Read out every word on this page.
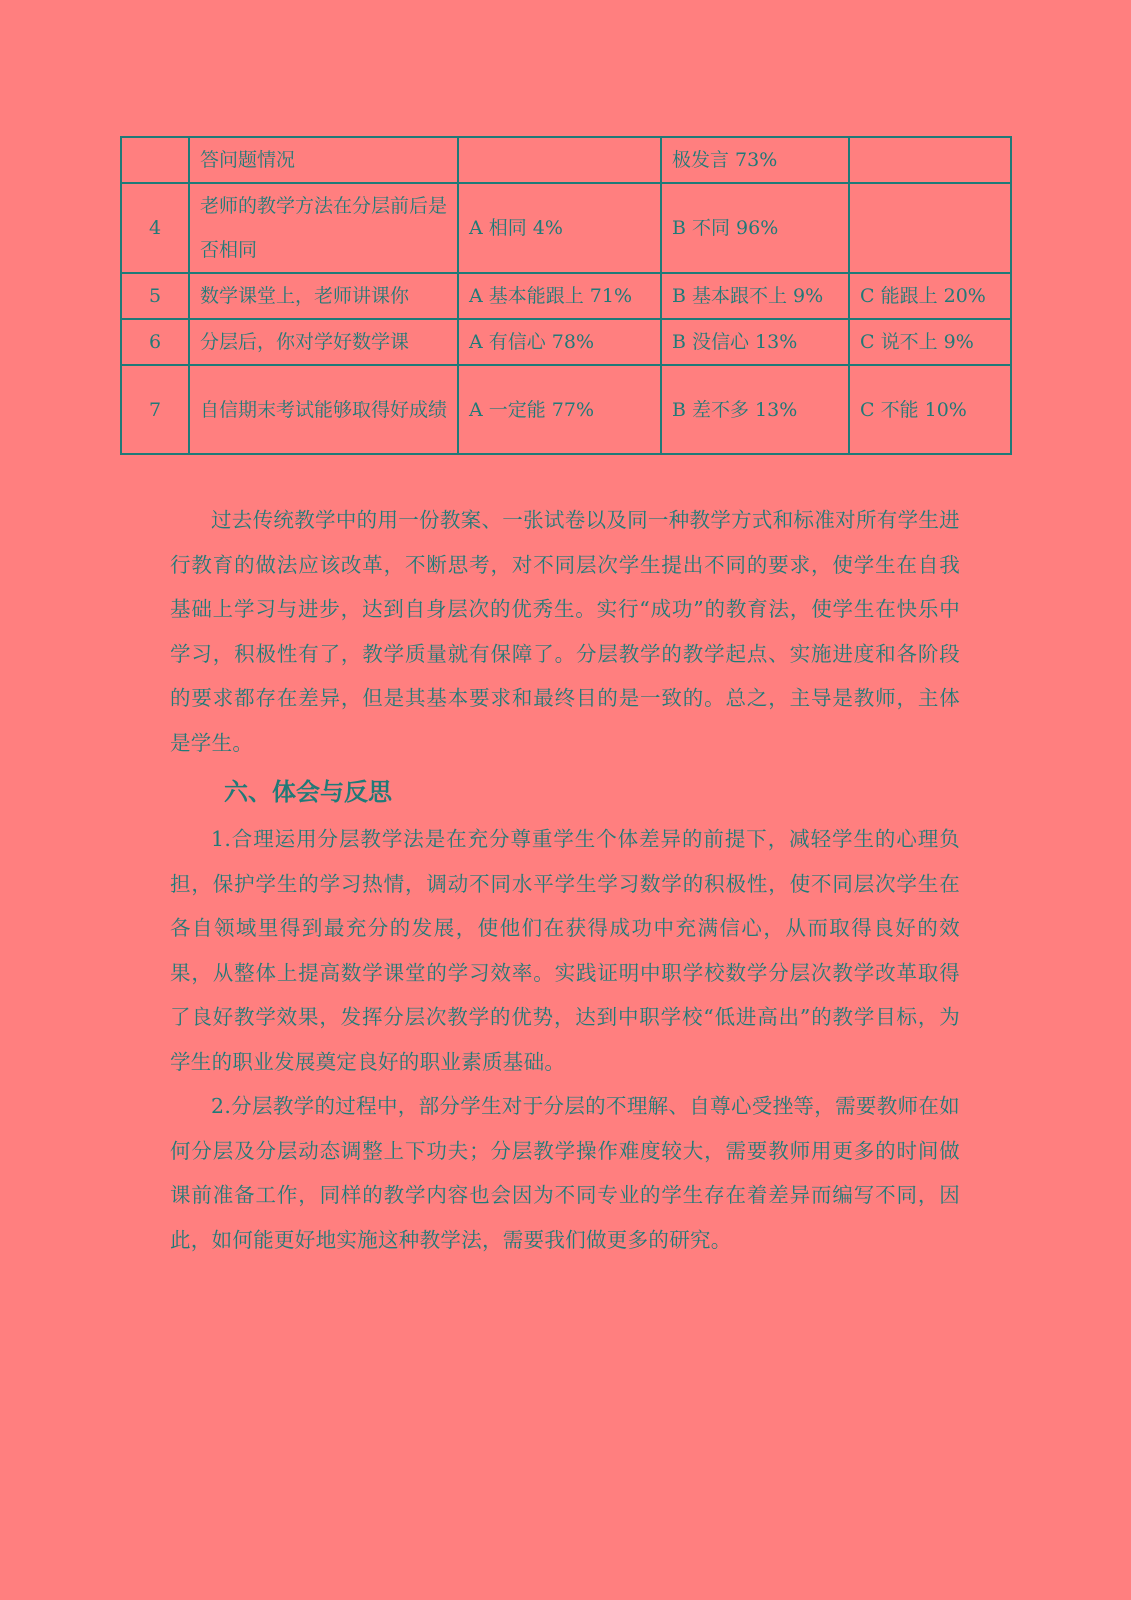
	答问题情况		极发言 73%	
4	老师的教学方法在分层前后是否相同	A 相同 4%	B 不同 96%	
5	数学课堂上，老师讲课你	A 基本能跟上 71%	B 基本跟不上 9%	C 能跟上 20%
6	分层后，你对学好数学课	A 有信心 78%	B 没信心 13%	C 说不上 9%
7	自信期末考试能够取得好成绩	A 一定能 77%	B 差不多 13%	C 不能 10%

过去传统教学中的用一份教案、一张试卷以及同一种教学方式和标准对所有学生进行教育的做法应该改革，不断思考，对不同层次学生提出不同的要求，使学生在自我基础上学习与进步，达到自身层次的优秀生。实行“成功”的教育法，使学生在快乐中学习，积极性有了，教学质量就有保障了。分层教学的教学起点、实施进度和各阶段的要求都存在差异，但是其基本要求和最终目的是一致的。总之，主导是教师，主体是学生。

六、体会与反思

1.合理运用分层教学法是在充分尊重学生个体差异的前提下，减轻学生的心理负担，保护学生的学习热情，调动不同水平学生学习数学的积极性，使不同层次学生在各自领域里得到最充分的发展，使他们在获得成功中充满信心，从而取得良好的效果，从整体上提高数学课堂的学习效率。实践证明中职学校数学分层次教学改革取得了良好教学效果，发挥分层次教学的优势，达到中职学校“低进高出”的教学目标，为学生的职业发展奠定良好的职业素质基础。

2.分层教学的过程中，部分学生对于分层的不理解、自尊心受挫等，需要教师在如何分层及分层动态调整上下功夫；分层教学操作难度较大，需要教师用更多的时间做课前准备工作，同样的教学内容也会因为不同专业的学生存在着差异而编写不同，因此，如何能更好地实施这种教学法，需要我们做更多的研究。
